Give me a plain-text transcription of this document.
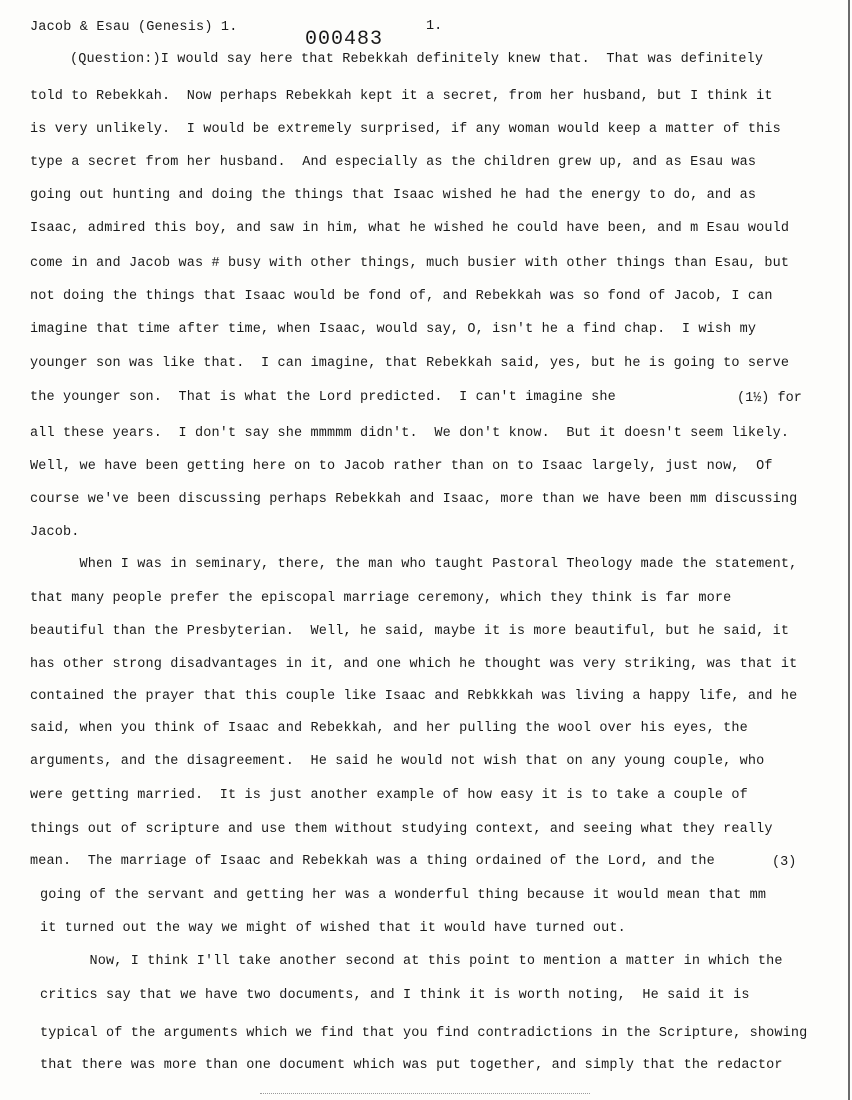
Jacob & Esau (Genesis) 1.
000483
1.
(Question:)I would say here that Rebekkah definitely knew that.  That was definitely
told to Rebekkah.  Now perhaps Rebekkah kept it a secret, from her husband, but I think it
is very unlikely.  I would be extremely surprised, if any woman would keep a matter of this
type a secret from her husband.  And especially as the children grew up, and as Esau was
going out hunting and doing the things that Isaac wished he had the energy to do, and as
Isaac, admired this boy, and saw in him, what he wished he could have been, and m Esau would
come in and Jacob was # busy with other things, much busier with other things than Esau, but
not doing the things that Isaac would be fond of, and Rebekkah was so fond of Jacob, I can
imagine that time after time, when Isaac, would say, O, isn't he a find chap.  I wish my
younger son was like that.  I can imagine, that Rebekkah said, yes, but he is going to serve
the younger son.  That is what the Lord predicted.  I can't imagine she
all these years.  I don't say she mmmmm didn't.  We don't know.  But it doesn't seem likely.
Well, we have been getting here on to Jacob rather than on to Isaac largely, just now,  Of
course we've been discussing perhaps Rebekkah and Isaac, more than we have been mm discussing
Jacob.
When I was in seminary, there, the man who taught Pastoral Theology made the statement,
that many people prefer the episcopal marriage ceremony, which they think is far more
beautiful than the Presbyterian.  Well, he said, maybe it is more beautiful, but he said, it
has other strong disadvantages in it, and one which he thought was very striking, was that it
contained the prayer that this couple like Isaac and Rebkkkah was living a happy life, and he
said, when you think of Isaac and Rebekkah, and her pulling the wool over his eyes, the
arguments, and the disagreement.  He said he would not wish that on any young couple, who
were getting married.  It is just another example of how easy it is to take a couple of
things out of scripture and use them without studying context, and seeing what they really
mean.  The marriage of Isaac and Rebekkah was a thing ordained of the Lord, and the
going of the servant and getting her was a wonderful thing because it would mean that mm
it turned out the way we might of wished that it would have turned out.
Now, I think I'll take another second at this point to mention a matter in which the
critics say that we have two documents, and I think it is worth noting,  He said it is
typical of the arguments which we find that you find contradictions in the Scripture, showing
that there was more than one document which was put together, and simply that the redactor
(1½) for
(3)
